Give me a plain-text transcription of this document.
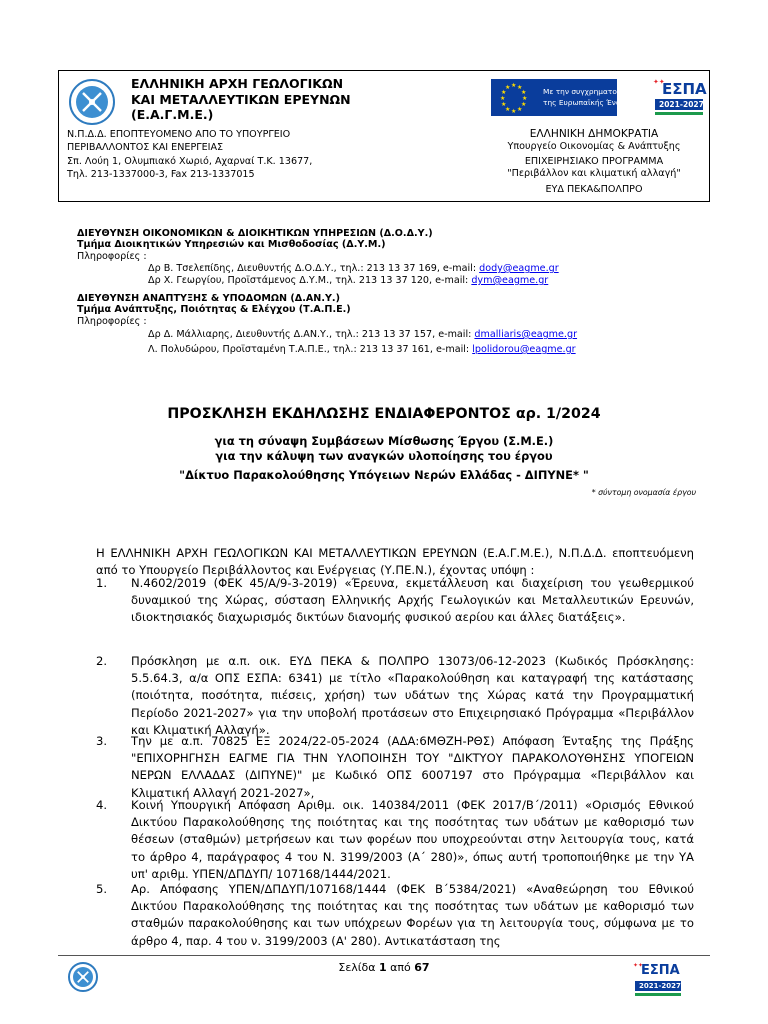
ΕΛΛΗΝΙΚΗ ΑΡΧΗ ΓΕΩΛΟΓΙΚΩΝ
ΚΑΙ ΜΕΤΑΛΛΕΥΤΙΚΩΝ ΕΡΕΥΝΩΝ
(Ε.Α.Γ.Μ.Ε.)
Ν.Π.Δ.Δ. ΕΠΟΠΤΕΥΟΜΕΝΟ ΑΠΟ ΤΟ ΥΠΟΥΡΓΕΙΟ
ΠΕΡΙΒΑΛΛΟΝΤΟΣ ΚΑΙ ΕΝΕΡΓΕΙΑΣ
Σπ. Λούη 1, Ολυμπιακό Χωριό, Αχαρναί Τ.Κ. 13677,
Τηλ. 213-1337000-3, Fax 213-1337015
★ ★
★
★
★
★
★
★
★
★
★
★	Με την συγχρηματοδότηση
της Ευρωπαϊκής Ένωσης
✦✦
ΕΣΠΑ
2021-2027
ΕΛΛΗΝΙΚΗ ΔΗΜΟΚΡΑΤΙΑ
Υπουργείο Οικονομίας & Ανάπτυξης
ΕΠΙΧΕΙΡΗΣΙΑΚΟ ΠΡΟΓΡΑΜΜΑ
"Περιβάλλον και κλιματική αλλαγή"
ΕΥΔ ΠΕΚΑ&ΠΟΛΠΡΟ
ΔΙΕΥΘΥΝΣΗ ΟΙΚΟΝΟΜΙΚΩΝ & ΔΙΟΙΚΗΤΙΚΩΝ ΥΠΗΡΕΣΙΩΝ (Δ.Ο.Δ.Υ.)
Τμήμα Διοικητικών Υπηρεσιών και Μισθοδοσίας (Δ.Υ.Μ.)
Πληροφορίες :
Δρ Β. Τσελεπίδης, Διευθυντής Δ.Ο.Δ.Υ., τηλ.: 213 13 37 169, e-mail: dody@eagme.gr
Δρ Χ. Γεωργίου, Προϊστάμενος Δ.Υ.Μ., τηλ. 213 13 37 120, e-mail: dym@eagme.gr
ΔΙΕΥΘΥΝΣΗ ΑΝΑΠΤΥΞΗΣ & ΥΠΟΔΟΜΩΝ (Δ.ΑΝ.Υ.)
Τμήμα Ανάπτυξης, Ποιότητας & Ελέγχου (Τ.Α.Π.Ε.)
Πληροφορίες :
Δρ Δ. Μάλλιαρης, Διευθυντής Δ.ΑΝ.Υ., τηλ.: 213 13 37 157, e-mail: dmalliaris@eagme.gr
Λ. Πολυδώρου, Προϊσταμένη Τ.Α.Π.Ε., τηλ.: 213 13 37 161, e-mail: lpolidorou@eagme.gr
ΠΡΟΣΚΛΗΣΗ ΕΚΔΗΛΩΣΗΣ ΕΝΔΙΑΦΕΡΟΝΤΟΣ αρ. 1/2024
για τη σύναψη Συμβάσεων Μίσθωσης Έργου (Σ.Μ.Ε.)
για την κάλυψη των αναγκών υλοποίησης του έργου
"Δίκτυο Παρακολούθησης Υπόγειων Νερών Ελλάδας - ΔΙΠΥΝΕ* "
* σύντομη ονομασία έργου
Η ΕΛΛΗΝΙΚΗ ΑΡΧΗ ΓΕΩΛΟΓΙΚΩΝ ΚΑΙ ΜΕΤΑΛΛΕΥΤΙΚΩΝ ΕΡΕΥΝΩΝ (Ε.Α.Γ.Μ.Ε.), Ν.Π.Δ.Δ. εποπτευόμενη από το Υπουργείο Περιβάλλοντος και Ενέργειας (Υ.ΠΕ.Ν.), έχοντας υπόψη :
1. Ν.4602/2019 (ΦΕΚ 45/Α/9-3-2019) «Έρευνα, εκμετάλλευση και διαχείριση του γεωθερμικού δυναμικού της Χώρας, σύσταση Ελληνικής Αρχής Γεωλογικών και Μεταλλευτικών Ερευνών, ιδιοκτησιακός διαχωρισμός δικτύων διανομής φυσικού αερίου και άλλες διατάξεις».
2. Πρόσκληση με α.π. οικ. ΕΥΔ ΠΕΚΑ & ΠΟΛΠΡΟ 13073/06-12-2023 (Κωδικός Πρόσκλησης: 5.5.64.3, α/α ΟΠΣ ΕΣΠΑ: 6341) με τίτλο «Παρακολούθηση και καταγραφή της κατάστασης (ποιότητα, ποσότητα, πιέσεις, χρήση) των υδάτων της Χώρας κατά την Προγραμματική Περίοδο 2021-2027» για την υποβολή προτάσεων στο Επιχειρησιακό Πρόγραμμα «Περιβάλλον και Κλιματική Αλλαγή».
3. Την με α.π. 70825 ΕΞ 2024/22-05-2024 (ΑΔΑ:6ΜΘΖΗ-ΡΘΣ) Απόφαση Ένταξης της Πράξης "ΕΠΙΧΟΡΗΓΗΣΗ ΕΑΓΜΕ ΓΙΑ ΤΗΝ ΥΛΟΠΟΙΗΣΗ ΤΟΥ "ΔΙΚΤΥΟΥ ΠΑΡΑΚΟΛΟΥΘΗΣΗΣ ΥΠΟΓΕΙΩΝ ΝΕΡΩΝ ΕΛΛΑΔΑΣ (ΔΙΠΥΝΕ)" με Κωδικό ΟΠΣ 6007197 στο Πρόγραμμα «Περιβάλλον και Κλιματική Αλλαγή 2021-2027»,
4. Κοινή Υπουργική Απόφαση Αριθμ. οικ. 140384/2011 (ΦΕΚ 2017/Β΄/2011) «Ορισμός Εθνικού Δικτύου Παρακολούθησης της ποιότητας και της ποσότητας των υδάτων με καθορισμό των θέσεων (σταθμών) μετρήσεων και των φορέων που υποχρεούνται στην λειτουργία τους, κατά το άρθρο 4, παράγραφος 4 του Ν. 3199/2003 (Α΄ 280)», όπως αυτή τροποποιήθηκε με την ΥΑ υπ' αριθμ. ΥΠΕΝ/ΔΠΔΥΠ/ 107168/1444/2021.
5. Αρ. Απόφασης ΥΠΕΝ/ΔΠΔΥΠ/107168/1444 (ΦΕΚ Β΄5384/2021) «Αναθεώρηση του Εθνικού Δικτύου Παρακολούθησης της ποιότητας και της ποσότητας των υδάτων με καθορισμό των σταθμών παρακολούθησης και των υπόχρεων Φορέων για τη λειτουργία τους, σύμφωνα με το άρθρο 4, παρ. 4 του ν. 3199/2003 (Α' 280). Αντικατάσταση της
Σελίδα 1 από 67	✦✦
ΕΣΠΑ
2021-2027
